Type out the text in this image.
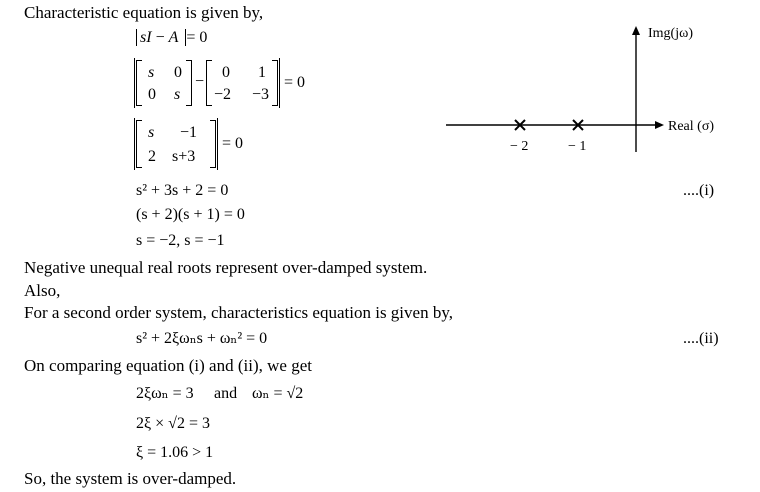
Characteristic equation is given by,
sI − A = 0
s 0
0 s
−
0 1
−2 −3
= 0
s −1
2 s+3
= 0
s² + 3s + 2 = 0	....(i)
(s + 2)(s + 1) = 0
s = −2, s = −1
Negative unequal real roots represent over-damped system.
Also,
For a second order system, characteristics equation is given by,
s² + 2ξωₙs + ωₙ² = 0	....(ii)
On comparing equation (i) and (ii), we get
2ξωₙ = 3 and ωₙ = √2
2ξ × √2 = 3
ξ = 1.06 > 1
So, the system is over-damped.
Img(jω)
Real (σ)
− 2	− 1
